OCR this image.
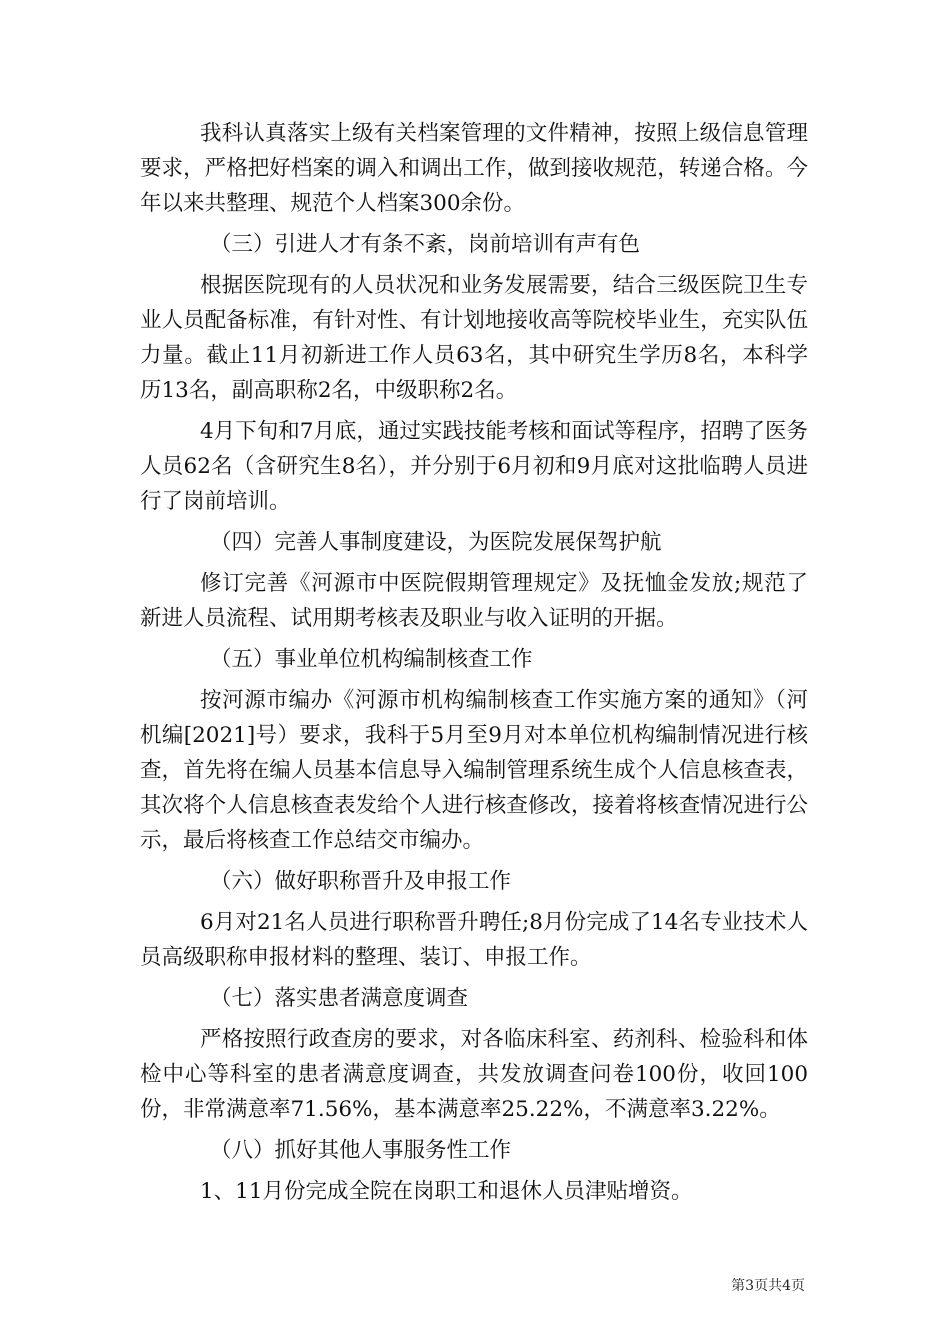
我科认真落实上级有关档案管理的文件精神，按照上级信息管理要求，严格把好档案的调入和调出工作，做到接收规范，转递合格。今年以来共整理、规范个人档案300余份。

（三）引进人才有条不紊，岗前培训有声有色

根据医院现有的人员状况和业务发展需要，结合三级医院卫生专业人员配备标准，有针对性、有计划地接收高等院校毕业生，充实队伍力量。截止11月初新进工作人员63名，其中研究生学历8名，本科学历13名，副高职称2名，中级职称2名。

4月下旬和7月底，通过实践技能考核和面试等程序，招聘了医务人员62名（含研究生8名），并分别于6月初和9月底对这批临聘人员进行了岗前培训。

（四）完善人事制度建设，为医院发展保驾护航

修订完善《河源市中医院假期管理规定》及抚恤金发放;规范了新进人员流程、试用期考核表及职业与收入证明的开据。

（五）事业单位机构编制核查工作

按河源市编办《河源市机构编制核查工作实施方案的通知》（河机编[2021]号）要求，我科于5月至9月对本单位机构编制情况进行核查，首先将在编人员基本信息导入编制管理系统生成个人信息核查表，其次将个人信息核查表发给个人进行核查修改，接着将核查情况进行公示，最后将核查工作总结交市编办。

（六）做好职称晋升及申报工作

6月对21名人员进行职称晋升聘任;8月份完成了14名专业技术人员高级职称申报材料的整理、装订、申报工作。

（七）落实患者满意度调查

严格按照行政查房的要求，对各临床科室、药剂科、检验科和体检中心等科室的患者满意度调查，共发放调查问卷100份，收回100份，非常满意率71.56%，基本满意率25.22%，不满意率3.22%。

（八）抓好其他人事服务性工作

1、11月份完成全院在岗职工和退休人员津贴增资。

第3页共4页
